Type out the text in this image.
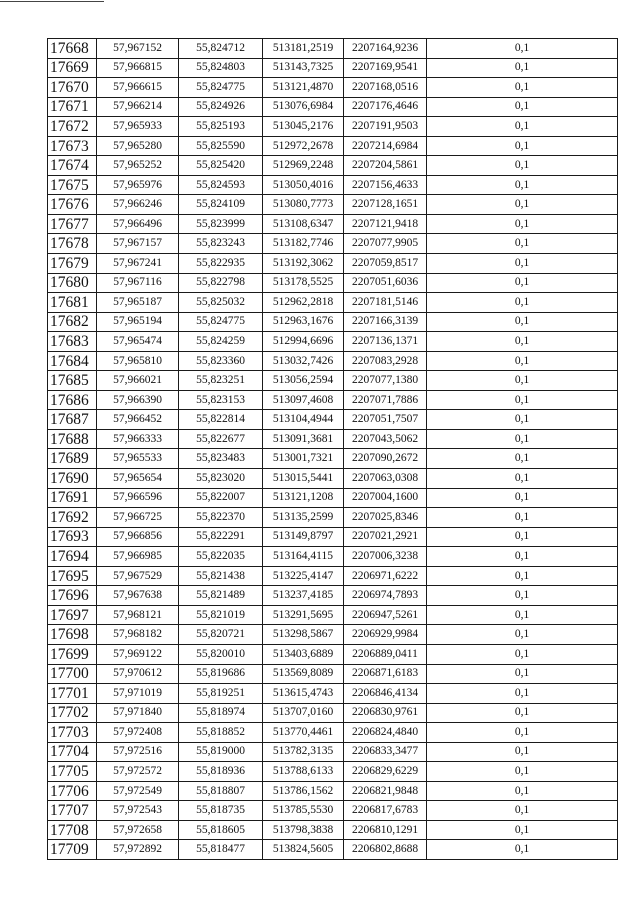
17668	57,967152	55,824712	513181,2519	2207164,9236	0,1
17669	57,966815	55,824803	513143,7325	2207169,9541	0,1
17670	57,966615	55,824775	513121,4870	2207168,0516	0,1
17671	57,966214	55,824926	513076,6984	2207176,4646	0,1
17672	57,965933	55,825193	513045,2176	2207191,9503	0,1
17673	57,965280	55,825590	512972,2678	2207214,6984	0,1
17674	57,965252	55,825420	512969,2248	2207204,5861	0,1
17675	57,965976	55,824593	513050,4016	2207156,4633	0,1
17676	57,966246	55,824109	513080,7773	2207128,1651	0,1
17677	57,966496	55,823999	513108,6347	2207121,9418	0,1
17678	57,967157	55,823243	513182,7746	2207077,9905	0,1
17679	57,967241	55,822935	513192,3062	2207059,8517	0,1
17680	57,967116	55,822798	513178,5525	2207051,6036	0,1
17681	57,965187	55,825032	512962,2818	2207181,5146	0,1
17682	57,965194	55,824775	512963,1676	2207166,3139	0,1
17683	57,965474	55,824259	512994,6696	2207136,1371	0,1
17684	57,965810	55,823360	513032,7426	2207083,2928	0,1
17685	57,966021	55,823251	513056,2594	2207077,1380	0,1
17686	57,966390	55,823153	513097,4608	2207071,7886	0,1
17687	57,966452	55,822814	513104,4944	2207051,7507	0,1
17688	57,966333	55,822677	513091,3681	2207043,5062	0,1
17689	57,965533	55,823483	513001,7321	2207090,2672	0,1
17690	57,965654	55,823020	513015,5441	2207063,0308	0,1
17691	57,966596	55,822007	513121,1208	2207004,1600	0,1
17692	57,966725	55,822370	513135,2599	2207025,8346	0,1
17693	57,966856	55,822291	513149,8797	2207021,2921	0,1
17694	57,966985	55,822035	513164,4115	2207006,3238	0,1
17695	57,967529	55,821438	513225,4147	2206971,6222	0,1
17696	57,967638	55,821489	513237,4185	2206974,7893	0,1
17697	57,968121	55,821019	513291,5695	2206947,5261	0,1
17698	57,968182	55,820721	513298,5867	2206929,9984	0,1
17699	57,969122	55,820010	513403,6889	2206889,0411	0,1
17700	57,970612	55,819686	513569,8089	2206871,6183	0,1
17701	57,971019	55,819251	513615,4743	2206846,4134	0,1
17702	57,971840	55,818974	513707,0160	2206830,9761	0,1
17703	57,972408	55,818852	513770,4461	2206824,4840	0,1
17704	57,972516	55,819000	513782,3135	2206833,3477	0,1
17705	57,972572	55,818936	513788,6133	2206829,6229	0,1
17706	57,972549	55,818807	513786,1562	2206821,9848	0,1
17707	57,972543	55,818735	513785,5530	2206817,6783	0,1
17708	57,972658	55,818605	513798,3838	2206810,1291	0,1
17709	57,972892	55,818477	513824,5605	2206802,8688	0,1
